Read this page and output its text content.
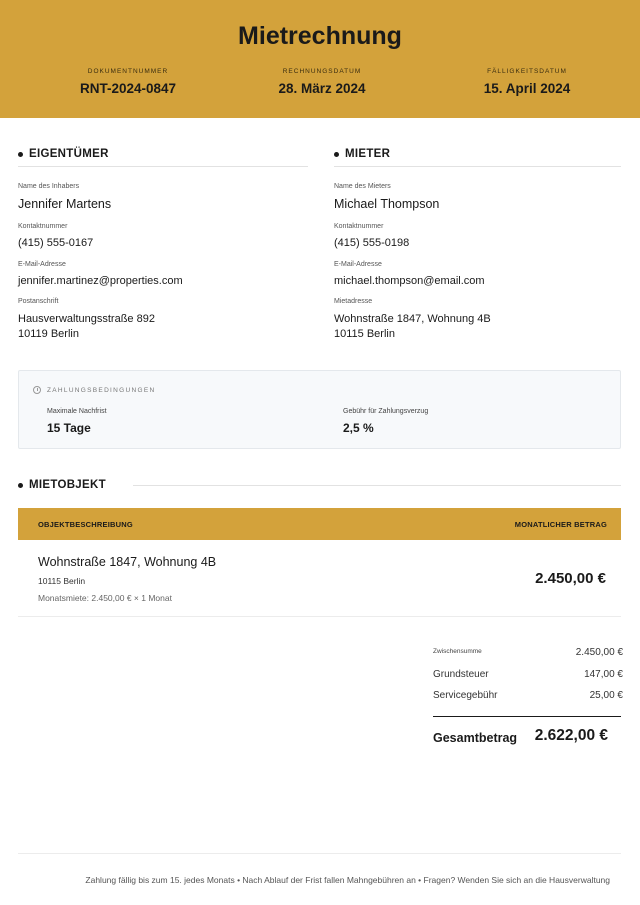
Mietrechnung
DOKUMENTNUMMER
RNT-2024-0847
RECHNUNGSDATUM
28. März 2024
FÄLLIGKEITSDATUM
15. April 2024
EIGENTÜMER
Name des Inhabers
Jennifer Martens
Kontaktnummer
(415) 555-0167
E-Mail-Adresse
jennifer.martinez@properties.com
Postanschrift
Hausverwaltungsstraße 892
10119 Berlin
MIETER
Name des Mieters
Michael Thompson
Kontaktnummer
(415) 555-0198
E-Mail-Adresse
michael.thompson@email.com
Mietadresse
Wohnstraße 1847, Wohnung 4B
10115 Berlin
ZAHLUNGSBEDINGUNGEN
Maximale Nachfrist
15 Tage
Gebühr für Zahlungsverzug
2,5 %
MIETOBJEKT
OBJEKTBESCHREIBUNG	MONATLICHER BETRAG
Wohnstraße 1847, Wohnung 4B
10115 Berlin
Monatsmiete: 2.450,00 € × 1 Monat
2.450,00 €
Zwischensumme	2.450,00 €
Grundsteuer	147,00 €
Servicegebühr	25,00 €
Gesamtbetrag 2.622,00 €
Zahlung fällig bis zum 15. jedes Monats • Nach Ablauf der Frist fallen Mahngebühren an • Fragen? Wenden Sie sich an die Hausverwaltung
